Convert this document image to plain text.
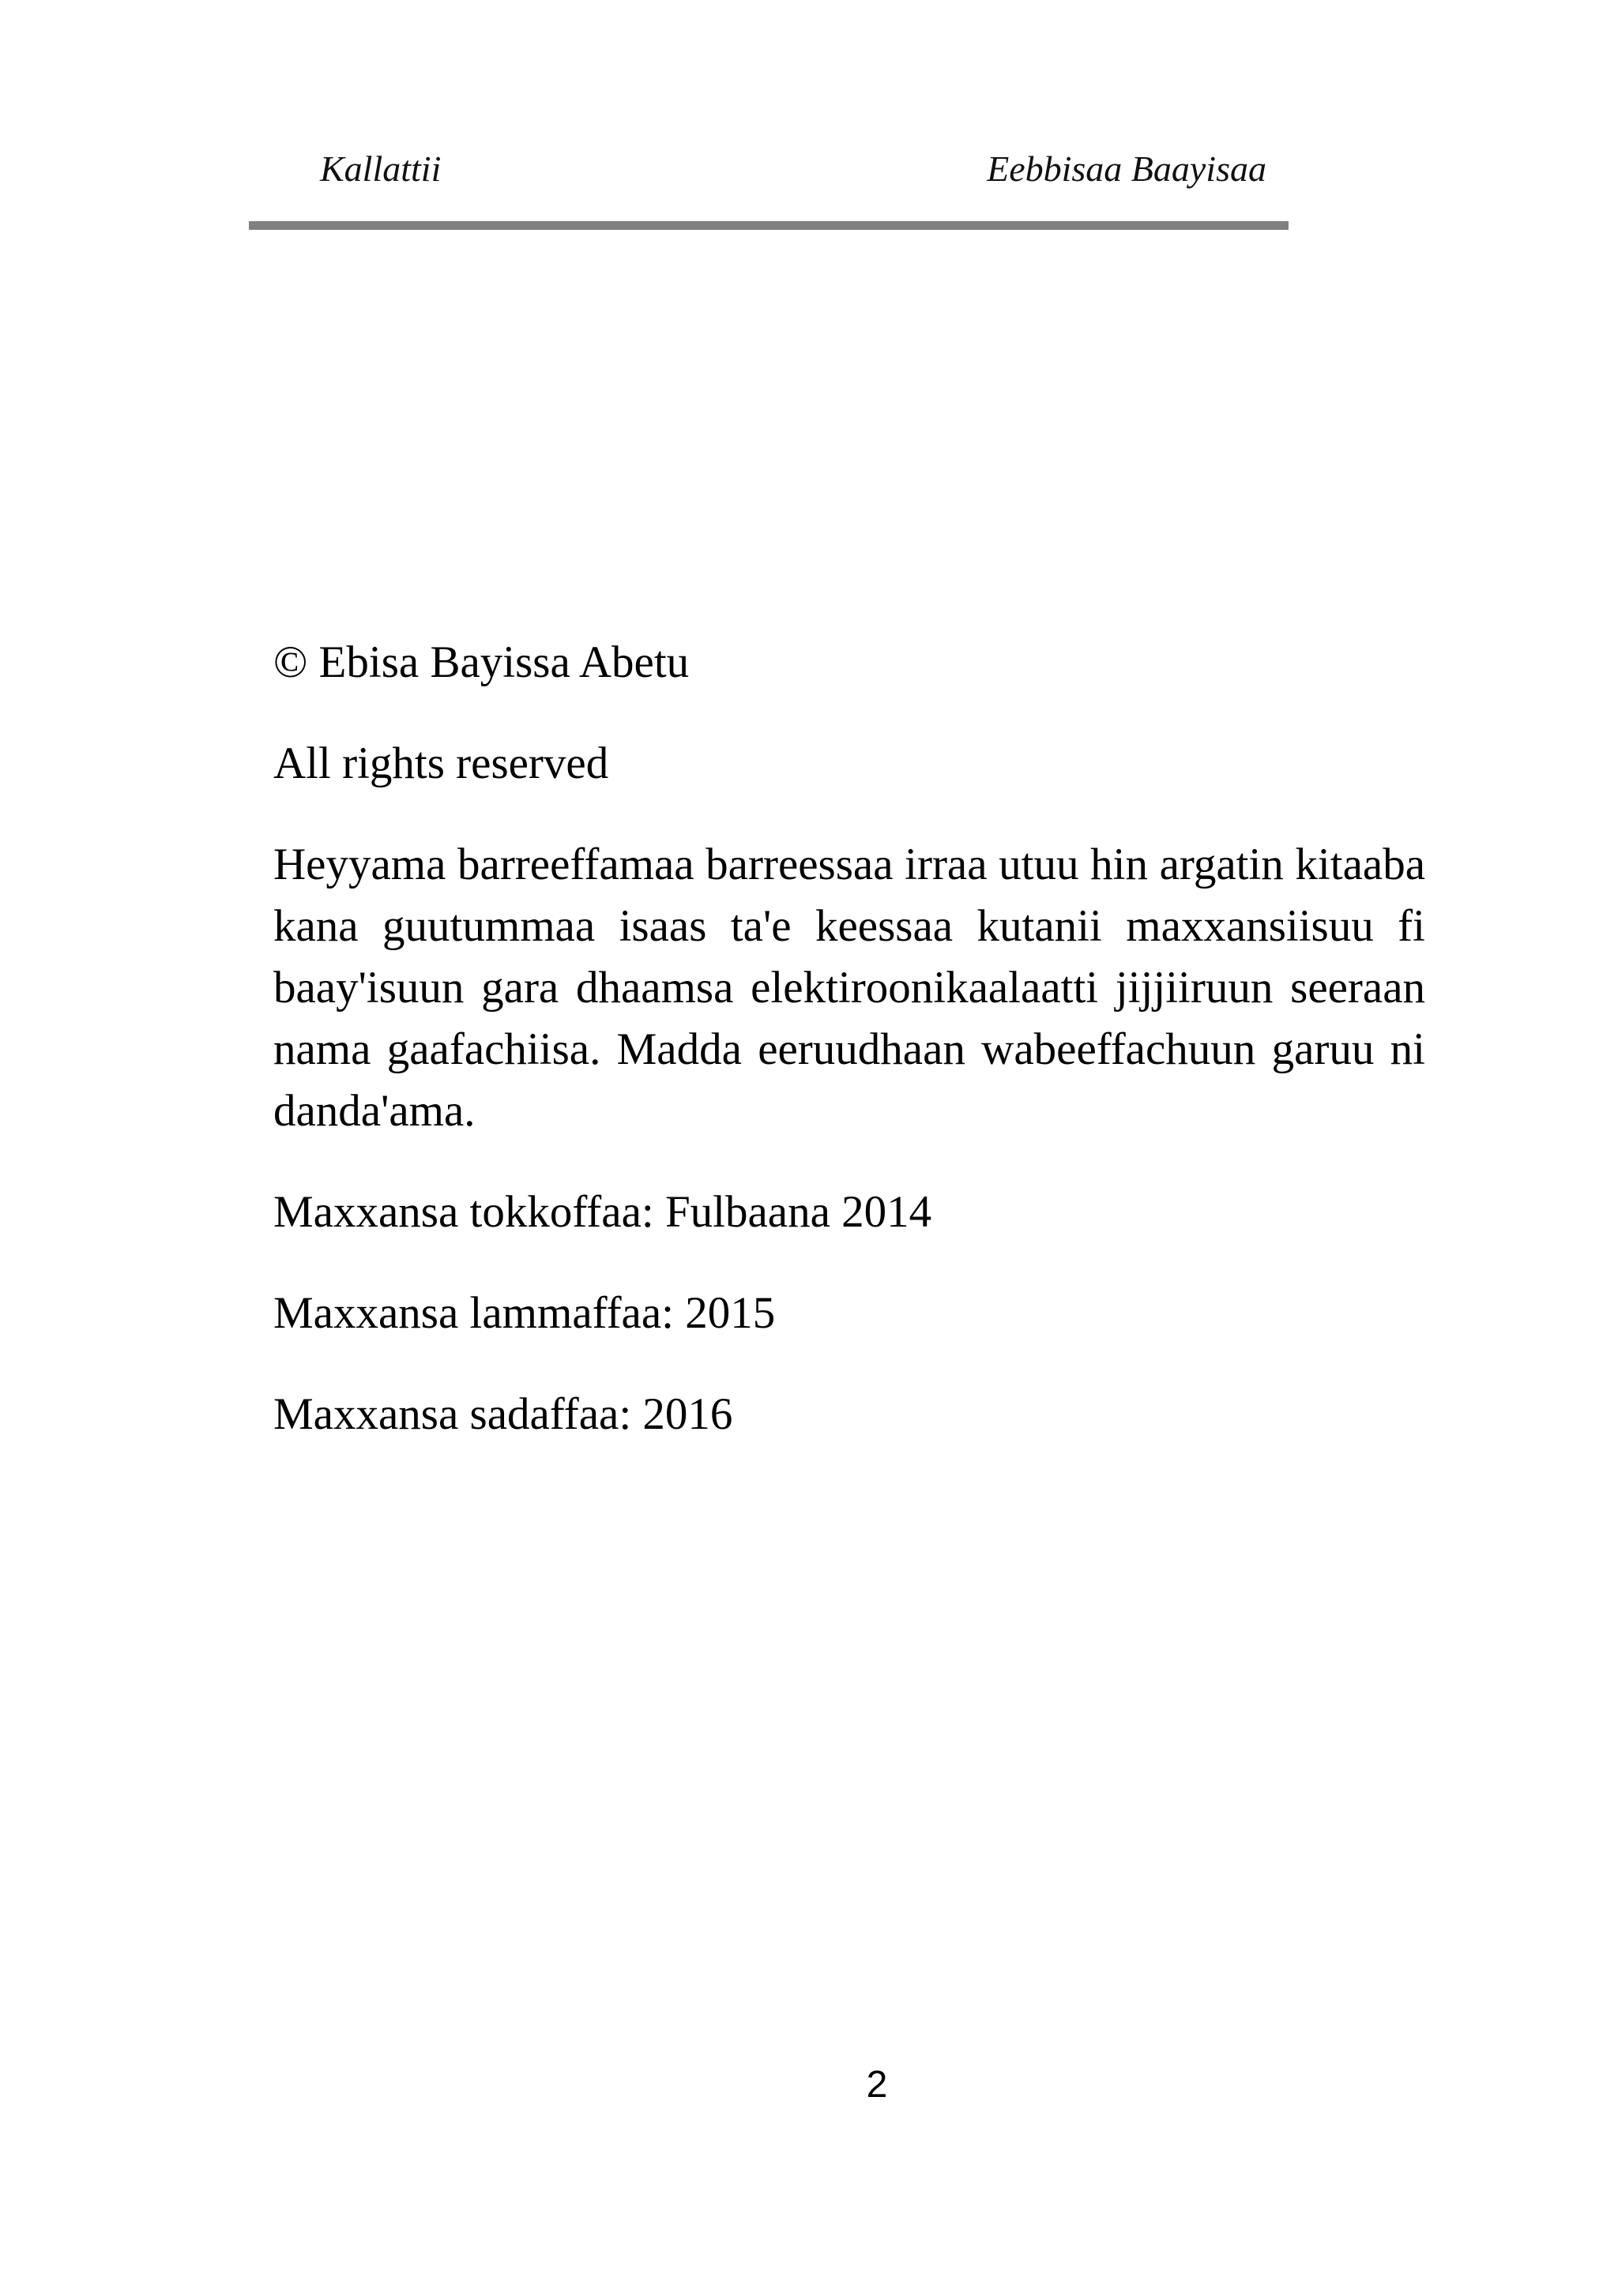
Kallattii	Eebbisaa Baayisaa

© Ebisa Bayissa Abetu

All rights reserved

Heyyama barreeffamaa barreessaa irraa utuu hin argatin kitaaba kana guutummaa isaas ta'e keessaa kutanii maxxansiisuu fi baay'isuun gara dhaamsa elektiroonikaalaatti jijjiiruun seeraan nama gaafachiisa. Madda eeruudhaan wabeeffachuun garuu ni danda'ama.

Maxxansa tokkoffaa: Fulbaana 2014

Maxxansa lammaffaa: 2015

Maxxansa sadaffaa: 2016

2
